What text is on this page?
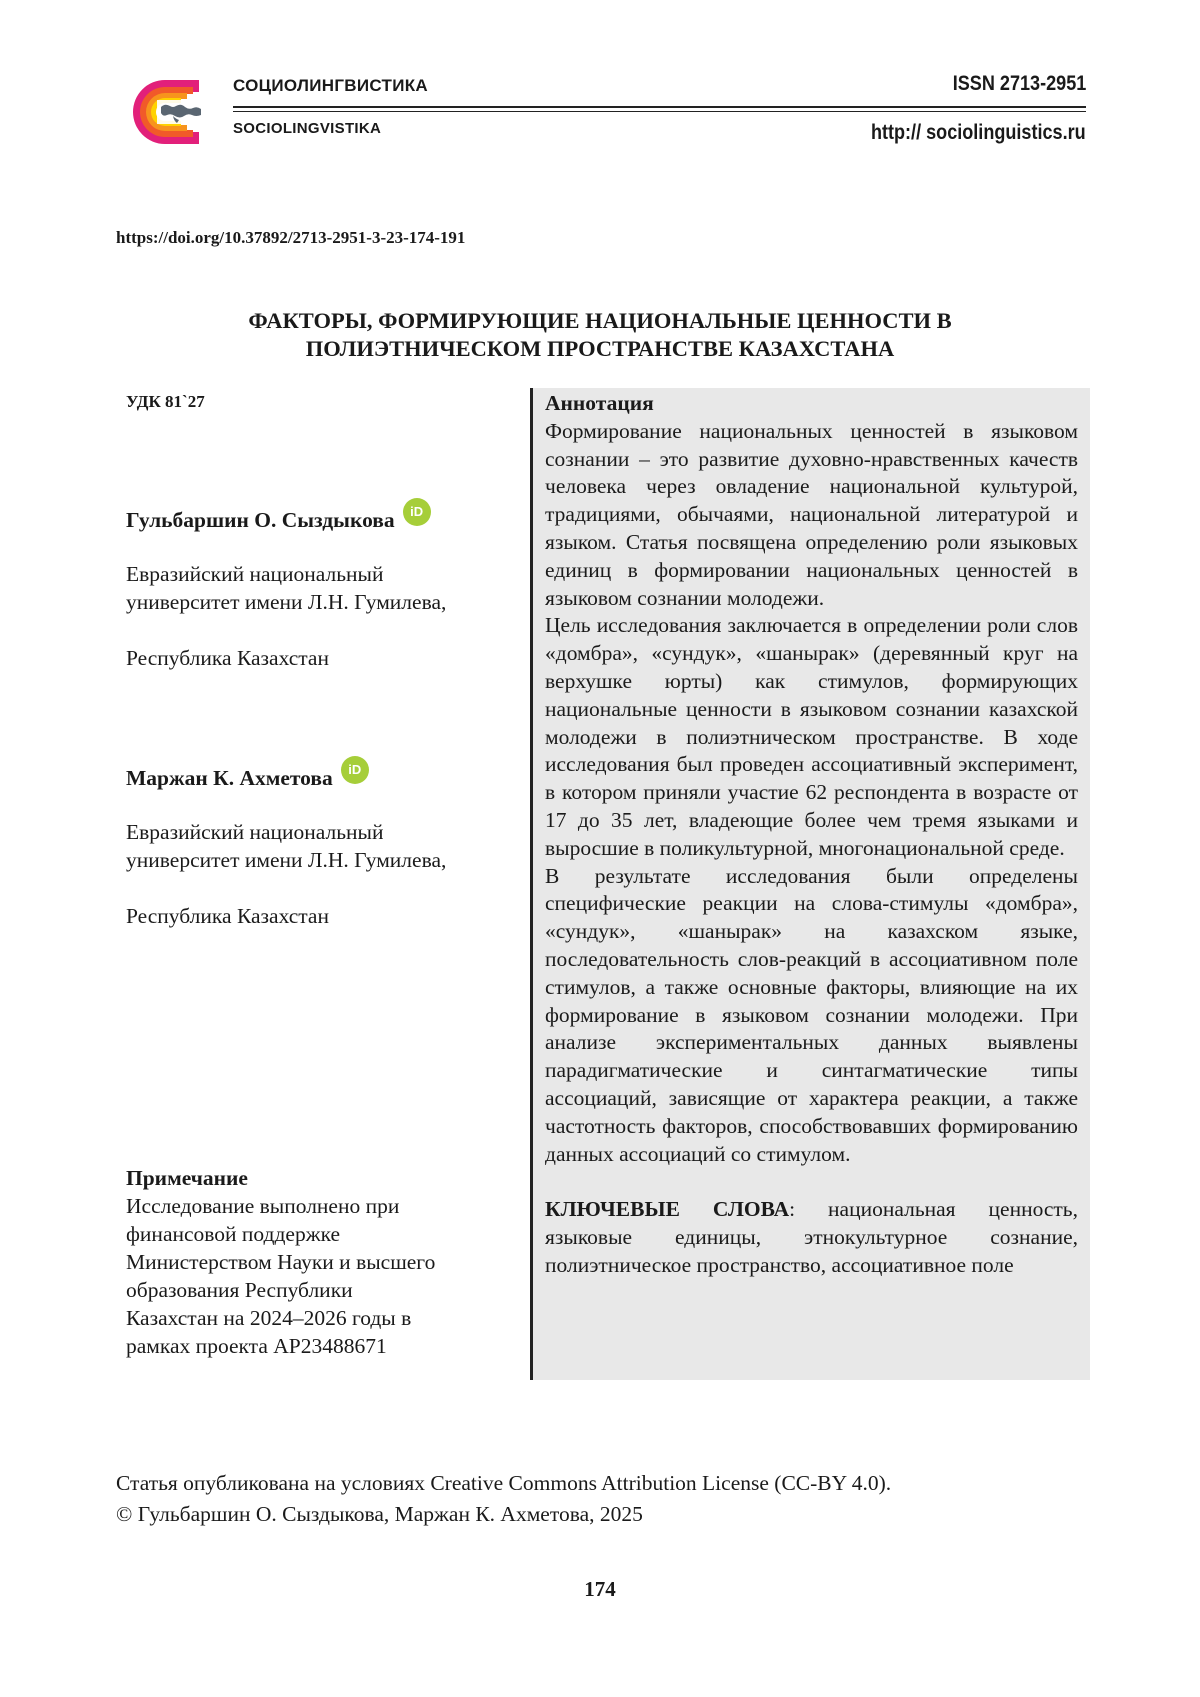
СОЦИОЛИНГВИСТИКА
SOCIOLINGVISTIKA
ISSN 2713-2951
http:// sociolinguistics.ru
https://doi.org/10.37892/2713-2951-3-23-174-191
ФАКТОРЫ, ФОРМИРУЮЩИЕ НАЦИОНАЛЬНЫЕ ЦЕННОСТИ В
ПОЛИЭТНИЧЕСКОМ ПРОСТРАНСТВЕ КАЗАХСТАНА
УДК 81`27
Гульбаршин О. Сыздыкова	iD
Евразийский национальный
университет имени Л.Н. Гумилева,
Республика Казахстан
Маржан К. Ахметова	iD
Евразийский национальный
университет имени Л.Н. Гумилева,
Республика Казахстан
Примечание
Исследование выполнено при
финансовой поддержке
Министерством Науки и высшего
образования Республики
Казахстан на 2024–2026 годы в
рамках проекта AP23488671
Аннотация

Формирование национальных ценностей в языковом сознании – это развитие духовно-нравственных качеств человека через овладение национальной культурой, традициями, обычаями, национальной литературой и языком. Статья посвящена определению роли языковых единиц в формировании национальных ценностей в языковом сознании молодежи.

Цель исследования заключается в определении роли слов «домбра», «сундук», «шанырак» (деревянный круг на верхушке юрты) как стимулов, формирующих национальные ценности в языковом сознании казахской молодежи в полиэтническом пространстве. В ходе исследования был проведен ассоциативный эксперимент, в котором приняли участие 62 респондента в возрасте от 17 до 35 лет, владеющие более чем тремя языками и выросшие в поликультурной, многонациональной среде.

В результате исследования были определены специфические реакции на слова-стимулы «домбра», «сундук», «шанырак» на казахском языке, последовательность слов-реакций в ассоциативном поле стимулов, а также основные факторы, влияющие на их формирование в языковом сознании молодежи. При анализе экспериментальных данных выявлены парадигматические и синтагматические типы ассоциаций, зависящие от характера реакции, а также частотность факторов, способствовавших формированию данных ассоциаций со стимулом.

КЛЮЧЕВЫЕ СЛОВА: национальная ценность, языковые единицы, этнокультурное сознание, полиэтническое пространство, ассоциативное поле

Статья опубликована на условиях Creative Commons Attribution License (CC-BY 4.0).
© Гульбаршин О. Сыздыкова, Маржан К. Ахметова, 2025
174
